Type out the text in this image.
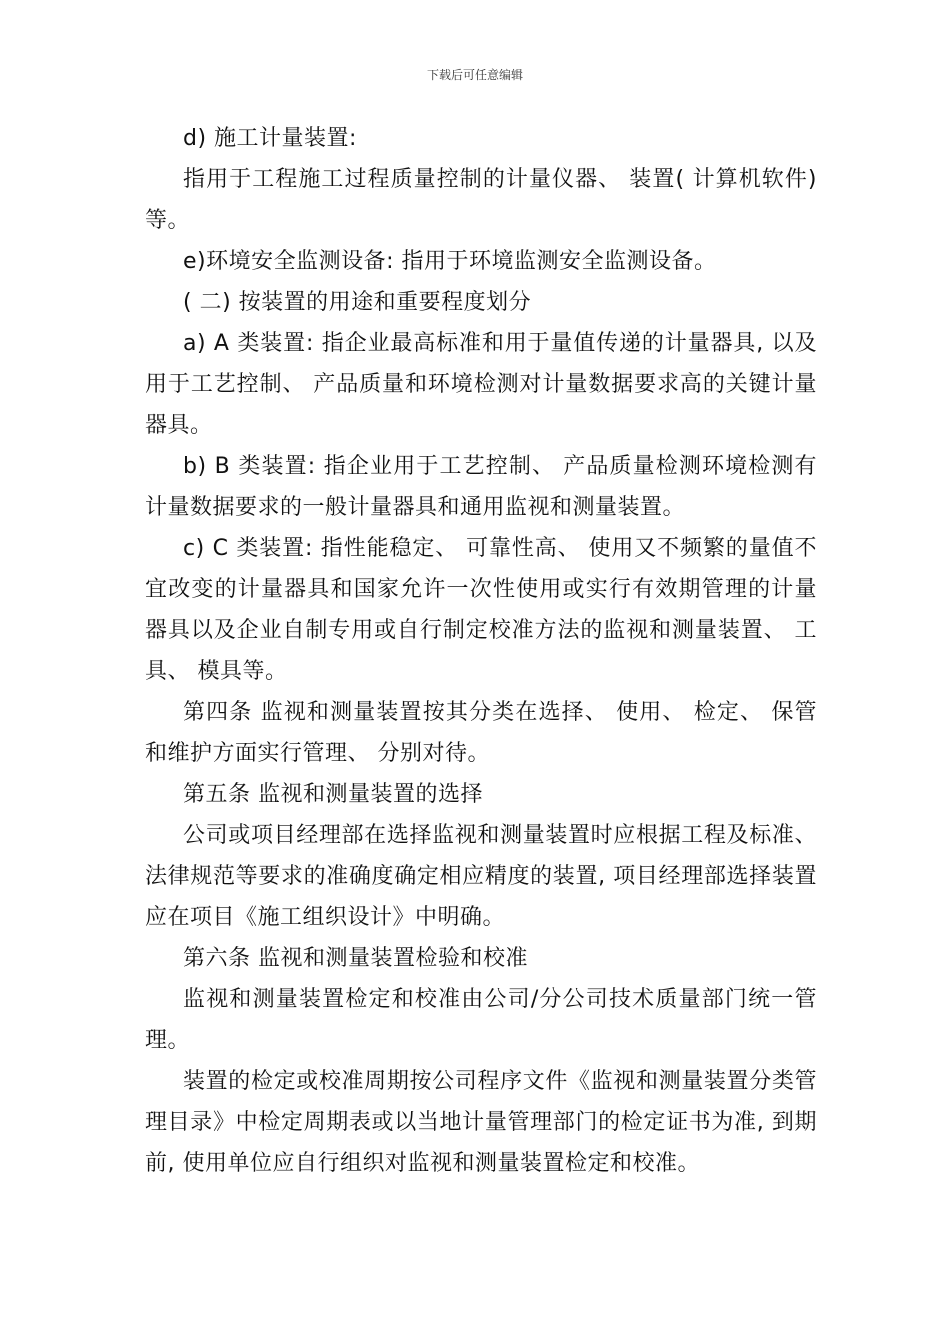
下载后可任意编辑

d) 施工计量装置:

指用于工程施工过程质量控制的计量仪器、 装置( 计算机软件) 等。

e)环境安全监测设备: 指用于环境监测安全监测设备。

( 二) 按装置的用途和重要程度划分

a) A 类装置: 指企业最高标准和用于量值传递的计量器具, 以及用于工艺控制、 产品质量和环境检测对计量数据要求高的关键计量器具。

b) B 类装置: 指企业用于工艺控制、 产品质量检测环境检测有计量数据要求的一般计量器具和通用监视和测量装置。

c) C 类装置: 指性能稳定、 可靠性高、 使用又不频繁的量值不宜改变的计量器具和国家允许一次性使用或实行有效期管理的计量器具以及企业自制专用或自行制定校准方法的监视和测量装置、 工具、 模具等。

第四条 监视和测量装置按其分类在选择、 使用、 检定、 保管和维护方面实行管理、 分别对待。

第五条 监视和测量装置的选择

公司或项目经理部在选择监视和测量装置时应根据工程及标准、 法律规范等要求的准确度确定相应精度的装置, 项目经理部选择装置应在项目《施工组织设计》中明确。

第六条 监视和测量装置检验和校准

监视和测量装置检定和校准由公司/分公司技术质量部门统一管理。

装置的检定或校准周期按公司程序文件《监视和测量装置分类管理目录》中检定周期表或以当地计量管理部门的检定证书为准, 到期前, 使用单位应自行组织对监视和测量装置检定和校准。
